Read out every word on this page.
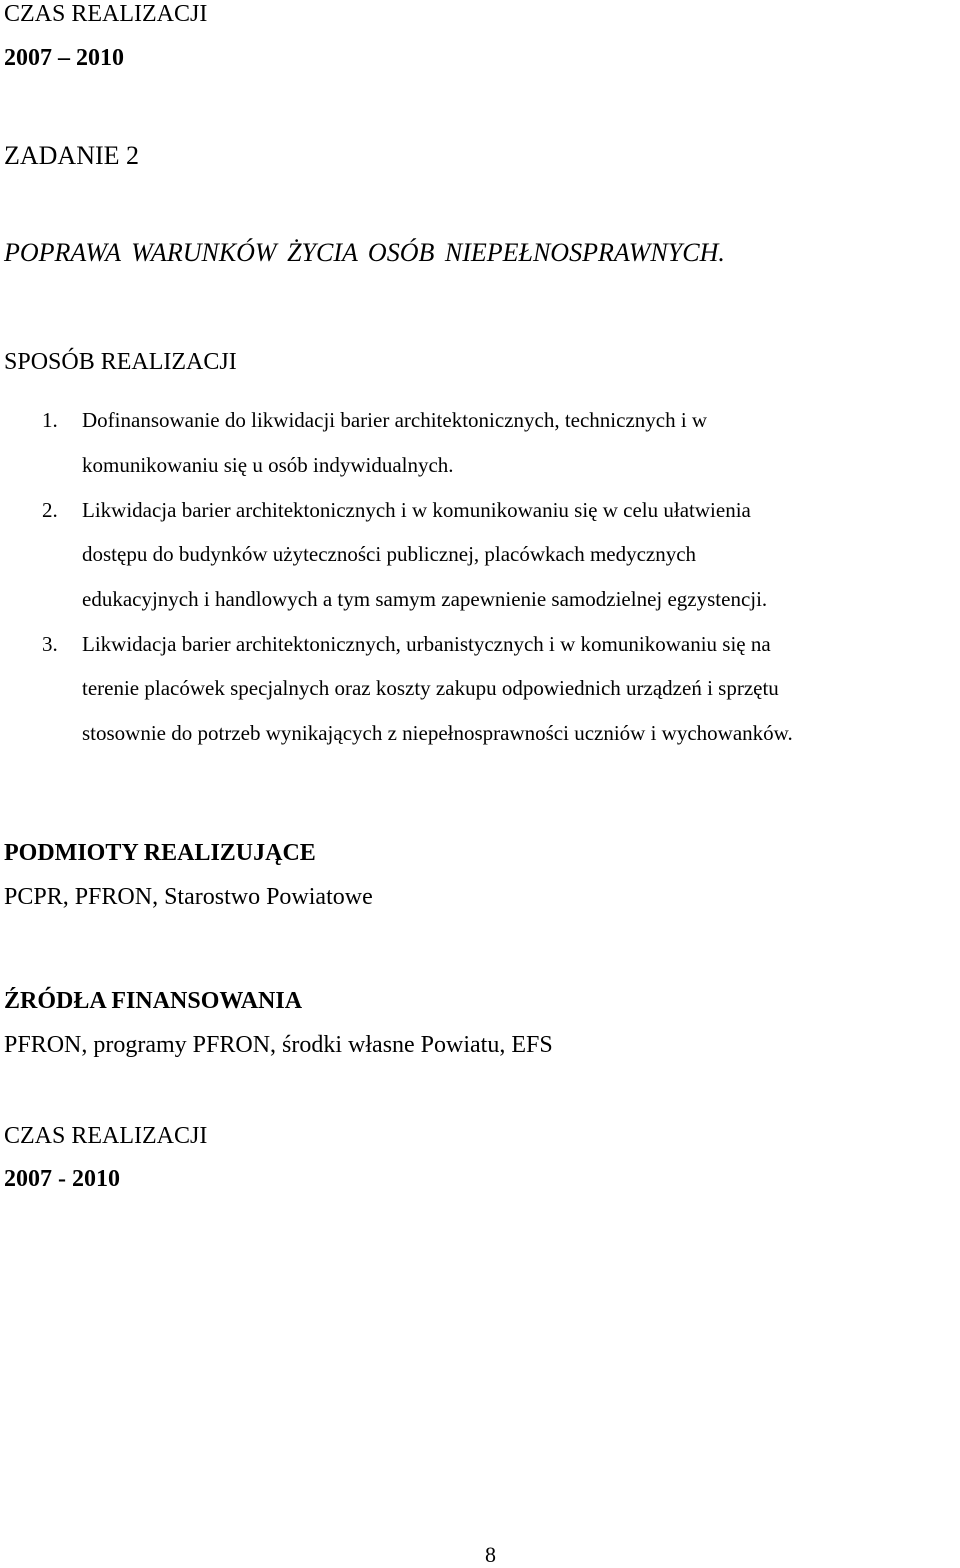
CZAS REALIZACJI
2007 – 2010
ZADANIE 2
POPRAWA WARUNKÓW ŻYCIA OSÓB NIEPEŁNOSPRAWNYCH.
SPOSÓB REALIZACJI
1. Dofinansowanie do likwidacji barier architektonicznych, technicznych i w
komunikowaniu się u osób indywidualnych.
2. Likwidacja barier architektonicznych i w komunikowaniu się w celu ułatwienia
dostępu do budynków użyteczności publicznej, placówkach medycznych
edukacyjnych i handlowych a tym samym zapewnienie samodzielnej egzystencji.
3. Likwidacja barier architektonicznych, urbanistycznych i w komunikowaniu się na
terenie placówek specjalnych oraz koszty zakupu odpowiednich urządzeń i sprzętu
stosownie do potrzeb wynikających z niepełnosprawności uczniów i wychowanków.
PODMIOTY REALIZUJĄCE
PCPR, PFRON, Starostwo Powiatowe
ŹRÓDŁA FINANSOWANIA
PFRON, programy PFRON, środki własne Powiatu, EFS
CZAS REALIZACJI
2007 - 2010
8
